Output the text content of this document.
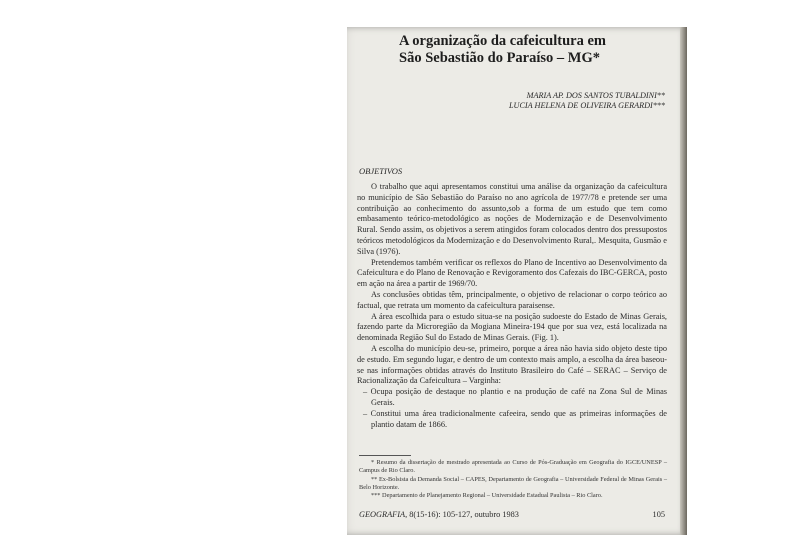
A organização da cafeicultura em
São Sebastião do Paraíso – MG*
MARIA AP. DOS SANTOS TUBALDINI**
LUCIA HELENA DE OLIVEIRA GERARDI***
OBJETIVOS

O trabalho que aqui apresentamos constitui uma análise da organização da cafeicultura no município de São Sebastião do Paraíso no ano agrícola de 1977/78 e pretende ser uma contribuição ao conhecimento do assunto,sob a forma de um estudo que tem como embasamento teórico-metodológico as noções de Modernização e de Desenvolvimento Rural. Sendo assim, os objetivos a serem atingidos foram colocados dentro dos pressupostos teóricos metodológicos da Modernização e do Desenvolvimento Rural,. Mesquita, Gusmão e Silva (1976).

Pretendemos também verificar os reflexos do Plano de Incentivo ao Desenvolvimento da Cafeicultura e do Plano de Renovação e Revigoramento dos Cafezais do IBC-GERCA, posto em ação na área a partir de 1969/70.

As conclusões obtidas têm, principalmente, o objetivo de relacionar o corpo teórico ao factual, que retrata um momento da cafeicultura paraisense.

A área escolhida para o estudo situa-se na posição sudoeste do Estado de Minas Gerais, fazendo parte da Microregião da Mogiana Mineira-194 que por sua vez, está localizada na denominada Região Sul do Estado de Minas Gerais. (Fig. 1).

A escolha do município deu-se, primeiro, porque a área não havia sido objeto deste tipo de estudo. Em segundo lugar, e dentro de um contexto mais amplo, a escolha da área baseou-se nas informações obtidas através do Instituto Brasileiro do Café – SERAC – Serviço de Racionalização da Cafeicultura – Varginha:

– Ocupa posição de destaque no plantio e na produção de café na Zona Sul de Minas Gerais.

– Constitui uma área tradicionalmente cafeeira, sendo que as primeiras informações de plantio datam de 1866.

* Resumo da dissertação de mestrado apresentada ao Curso de Pós-Graduação em Geografia do IGCE/UNESP – Campus de Rio Claro.

** Ex-Bolsista da Demanda Social – CAPES, Departamento de Geografia – Universidade Federal de Minas Gerais – Belo Horizonte.

*** Departamento de Planejamento Regional – Universidade Estadual Paulista – Rio Claro.

GEOGRAFIA, 8(15-16): 105-127, outubro 1983	105
